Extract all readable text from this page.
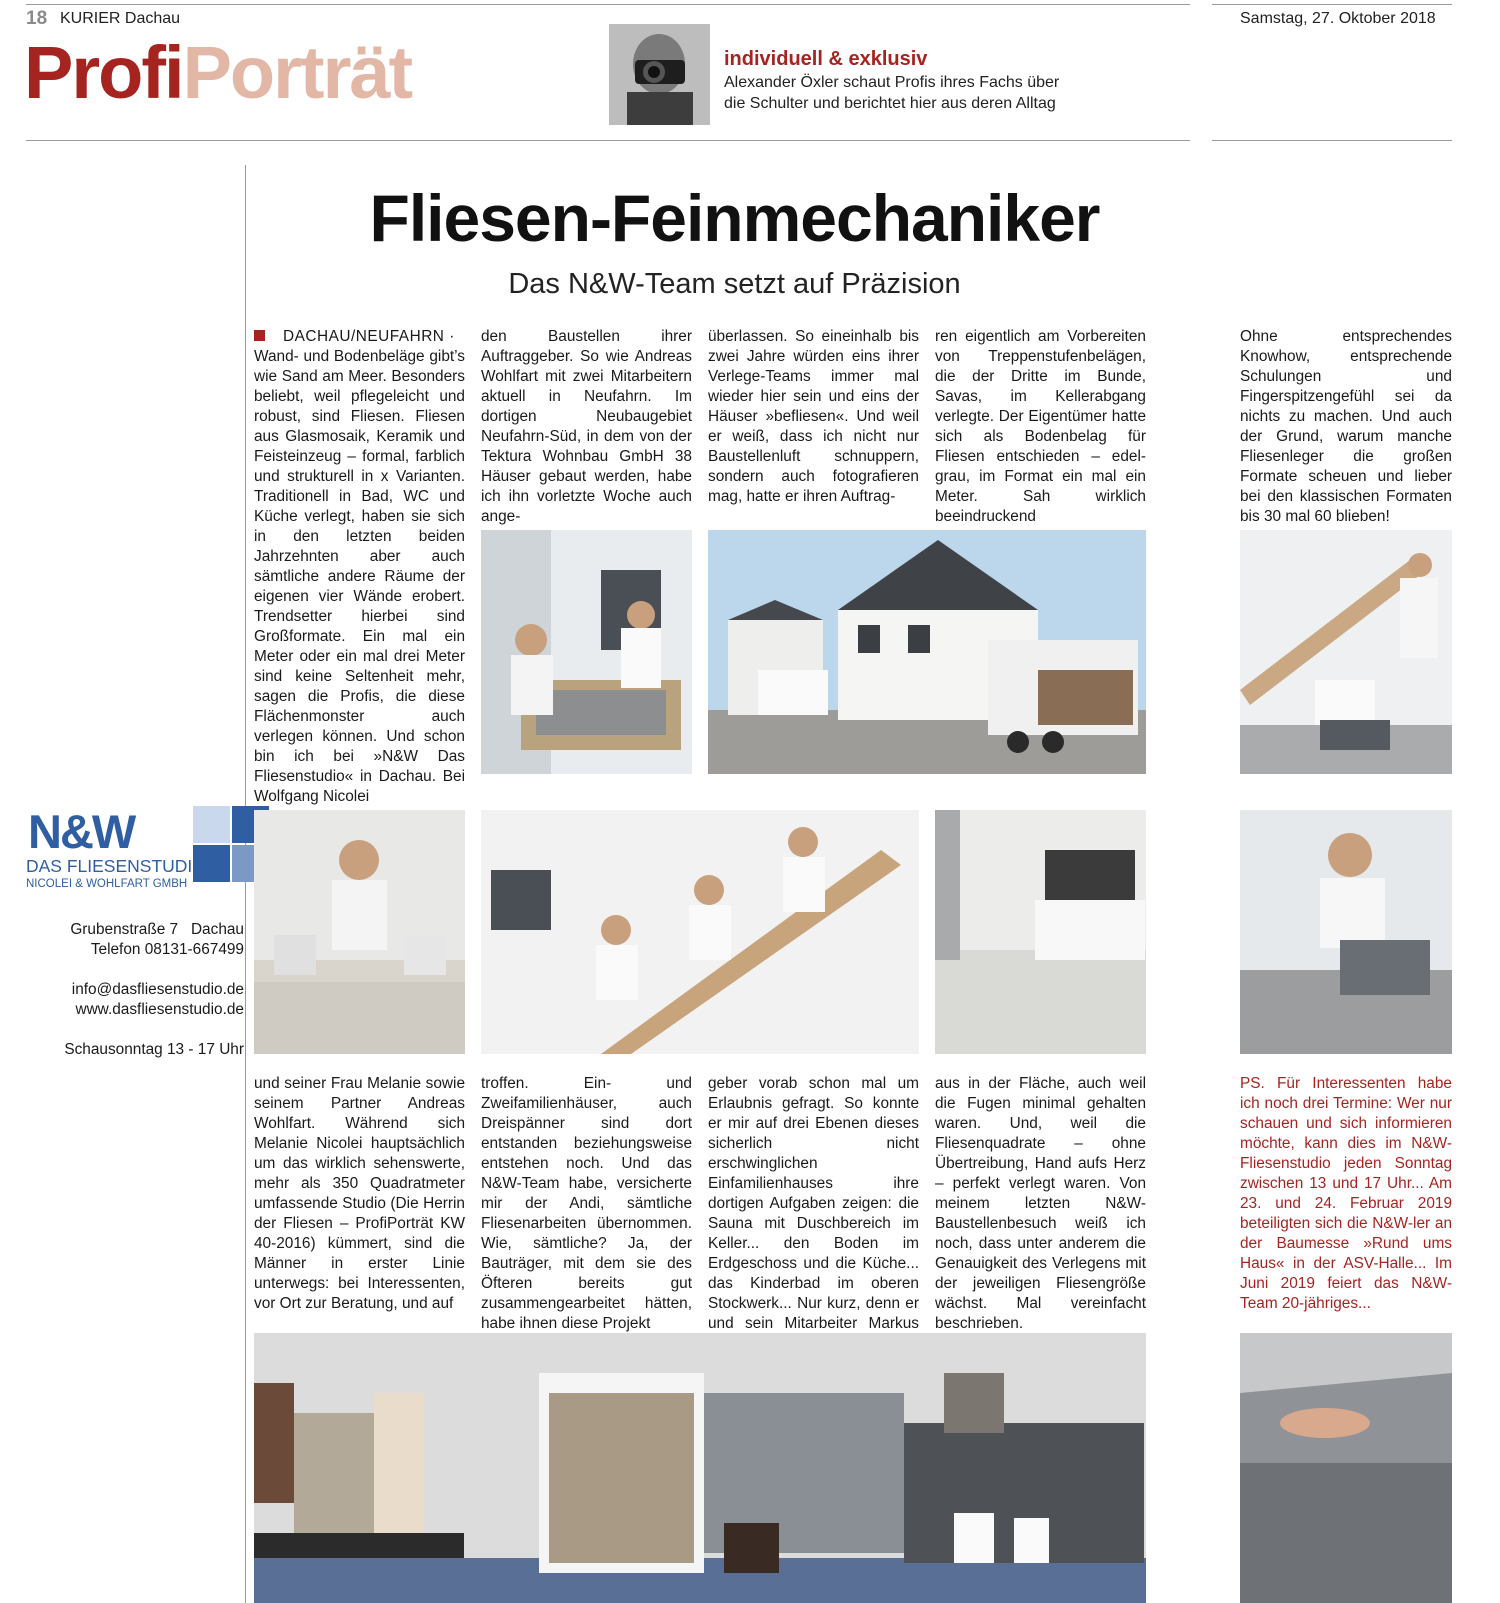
18 KURIER Dachau	Samstag, 27. Oktober 2018
ProfiPorträt	individuell & exklusiv
Alexander Öxler schaut Profis ihres Fachs über
die Schulter und berichtet hier aus deren Alltag
Fliesen-Feinmechaniker
Das N&W-Team setzt auf Präzision
DACHAU/NEUFAHRN ·
Wand- und Bodenbeläge gibt’s wie Sand am Meer. Besonders beliebt, weil pflegeleicht und robust, sind Fliesen. Fliesen aus Glasmosaik, Keramik und Feisteinzeug – formal, farblich und strukturell in x Varianten. Traditionell in Bad, WC und Küche verlegt, haben sie sich in den letzten beiden Jahrzehnten aber auch sämtliche andere Räume der eigenen vier Wände erobert. Trendsetter hierbei sind Großformate. Ein mal ein Meter oder ein mal drei Meter sind keine Seltenheit mehr, sagen die Profis, die diese Flächenmonster auch verlegen können. Und schon bin ich bei »N&W Das Fliesenstudio« in Dachau. Bei Wolfgang Nicolei
den Baustellen ihrer Auftraggeber. So wie Andreas Wohlfart mit zwei Mitarbeitern aktuell in Neufahrn. Im dortigen Neubaugebiet Neufahrn-Süd, in dem von der Tektura Wohnbau GmbH 38 Häuser gebaut werden, habe ich ihn vorletzte Woche auch ange-
überlassen. So eineinhalb bis zwei Jahre würden eins ihrer Verlege-Teams immer mal wieder hier sein und eins der Häuser »befliesen«. Und weil er weiß, dass ich nicht nur Baustellenluft schnuppern, sondern auch fotografieren mag, hatte er ihren Auftrag-
ren eigentlich am Vorbereiten von Treppenstufenbelägen, die der Dritte im Bunde, Savas, im Kellerabgang verlegte. Der Eigentümer hatte sich als Bodenbelag für Fliesen entschieden – edel-grau, im Format ein mal ein Meter. Sah wirklich beeindruckend
Ohne entsprechendes Knowhow, entsprechende Schulungen und Fingerspitzengefühl sei da nichts zu machen. Und auch der Grund, warum manche Fliesenleger die großen Formate scheuen und lieber bei den klassischen Formaten bis 30 mal 60 blieben!
N&W
DAS FLIESENSTUDIO
NICOLEI & WOHLFART GMBH
Grubenstraße 7   Dachau
Telefon 08131-667499
info@dasfliesenstudio.de
www.dasfliesenstudio.de
Schausonntag 13 - 17 Uhr
und seiner Frau Melanie sowie seinem Partner Andreas Wohlfart. Während sich Melanie Nicolei hauptsächlich um das wirklich sehenswerte, mehr als 350 Quadratmeter umfassende Studio (Die Herrin der Fliesen – ProfiPorträt KW 40-2016) kümmert, sind die Männer in erster Linie unterwegs: bei Interessenten, vor Ort zur Beratung, und auf
troffen. Ein- und Zweifamilienhäuser, auch Dreispänner sind dort entstanden beziehungsweise entstehen noch. Und das N&W-Team habe, versicherte mir der Andi, sämtliche Fliesenarbeiten übernommen. Wie, sämtliche? Ja, der Bauträger, mit dem sie des Öfteren bereits gut zusammengearbeitet hätten, habe ihnen diese Projekt
geber vorab schon mal um Erlaubnis gefragt. So konnte er mir auf drei Ebenen dieses sicherlich nicht erschwinglichen Einfamilienhauses ihre dortigen Aufgaben zeigen: die Sauna mit Duschbereich im Keller... den Boden im Erdgeschoss und die Küche... das Kinderbad im oberen Stockwerk... Nur kurz, denn er und sein Mitarbeiter Markus
aus in der Fläche, auch weil die Fugen minimal gehalten waren. Und, weil die Fliesenquadrate – ohne Übertreibung, Hand aufs Herz – perfekt verlegt waren. Von meinem letzten N&W-Baustellenbesuch weiß ich noch, dass unter anderem die Genauigkeit des Verlegens mit der jeweiligen Fliesengröße wächst. Mal vereinfacht beschrieben.
PS. Für Interessenten habe ich noch drei Termine: Wer nur schauen und sich informieren möchte, kann dies im N&W-Fliesenstudio jeden Sonntag zwischen 13 und 17 Uhr... Am 23. und 24. Februar 2019 beteiligten sich die N&W-ler an der Baumesse »Rund ums Haus« in der ASV-Halle... Im Juni 2019 feiert das N&W-Team 20-jähriges...
